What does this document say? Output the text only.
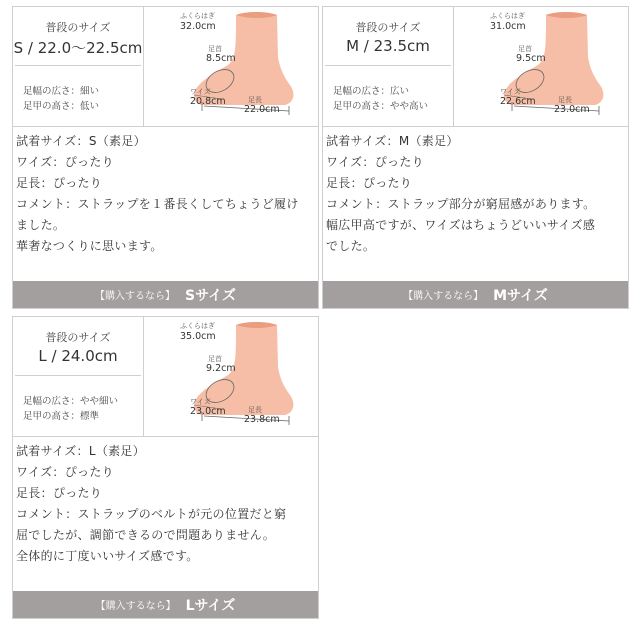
普段のサイズ
S / 22.0〜22.5cm
足幅の広さ：細い
足甲の高さ：低い
ふくらはぎ
32.0cm
足首
8.5cm
ワイズ
20.8cm	足長
22.0cm
試着サイズ：S（素足）
ワイズ：ぴったり
足長：ぴったり
コメント：ストラップを１番長くしてちょうど履け
ました。
華奢なつくりに思います。
【購入するなら】 Sサイズ
普段のサイズ
M / 23.5cm
足幅の広さ：広い
足甲の高さ：やや高い
ふくらはぎ
31.0cm
足首
9.5cm
ワイズ
22.6cm	足長
23.0cm
試着サイズ：M（素足）
ワイズ：ぴったり
足長：ぴったり
コメント：ストラップ部分が窮屈感があります。
幅広甲高ですが、ワイズはちょうどいいサイズ感
でした。
【購入するなら】 Mサイズ
普段のサイズ
L / 24.0cm
足幅の広さ：やや細い
足甲の高さ：標準
ふくらはぎ
35.0cm
足首
9.2cm
ワイズ
23.0cm	足長
23.8cm
試着サイズ：L（素足）
ワイズ：ぴったり
足長：ぴったり
コメント：ストラップのベルトが元の位置だと窮
屈でしたが、調節できるので問題ありません。
全体的に丁度いいサイズ感です。
【購入するなら】 Lサイズ
